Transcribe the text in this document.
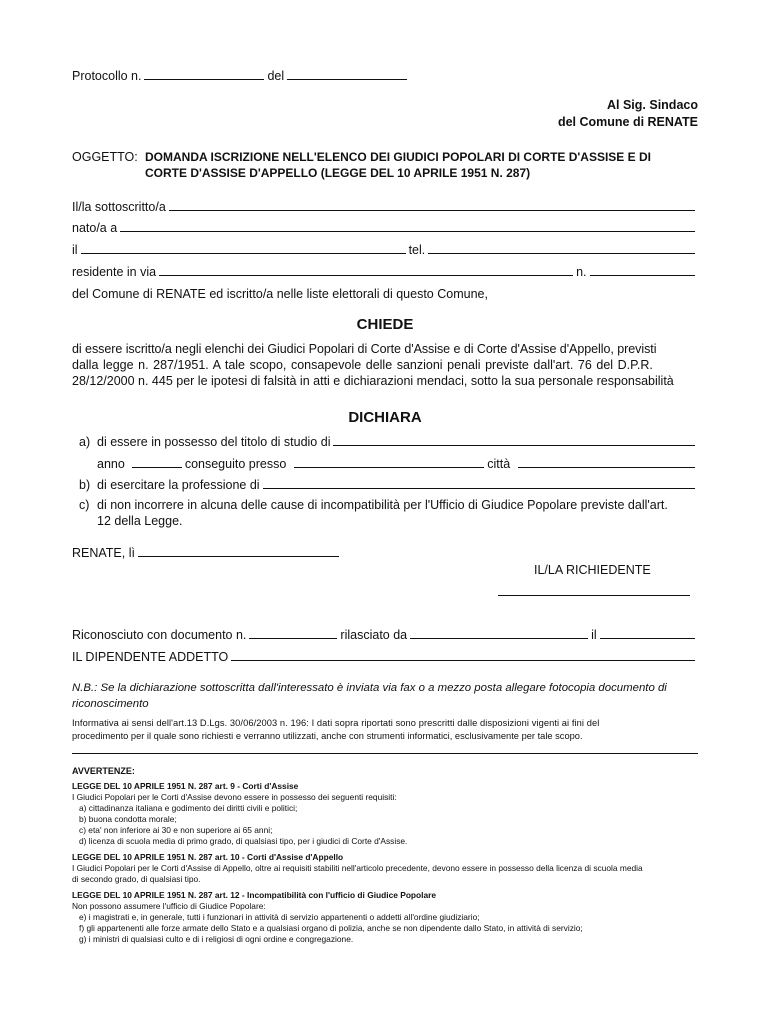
Protocollo n.	del
Al Sig. Sindaco
del Comune di RENATE
OGGETTO: DOMANDA ISCRIZIONE NELL'ELENCO DEI GIUDICI POPOLARI DI CORTE D'ASSISE E DI
CORTE D'ASSISE D'APPELLO (LEGGE DEL 10 APRILE 1951 N. 287)
Il/la sottoscritto/a
nato/a a
il	tel.
residente in via	n.
del Comune di RENATE ed iscritto/a nelle liste elettorali di questo Comune,
CHIEDE
di essere iscritto/a negli elenchi dei Giudici Popolari di Corte d'Assise e di Corte d'Assise d'Appello, previsti
dalla legge n. 287/1951. A tale scopo, consapevole delle sanzioni penali previste dall'art. 76 del D.P.R.
28/12/2000 n. 445 per le ipotesi di falsità in atti e dichiarazioni mendaci, sotto la sua personale responsabilità
DICHIARA
a) di essere in possesso del titolo di studio di
anno	conseguito presso	città
b) di esercitare la professione di
c) di non incorrere in alcuna delle cause di incompatibilità per l'Ufficio di Giudice Popolare previste dall'art.
12 della Legge.
RENATE, lì
IL/LA RICHIEDENTE
Riconosciuto con documento n.	rilasciato da	il
IL DIPENDENTE ADDETTO
N.B.: Se la dichiarazione sottoscritta dall'interessato è inviata via fax o a mezzo posta allegare fotocopia documento di
riconoscimento
Informativa ai sensi dell'art.13 D.Lgs. 30/06/2003 n. 196: I dati sopra riportati sono prescritti dalle disposizioni vigenti ai fini del
procedimento per il quale sono richiesti e verranno utilizzati, anche con strumenti informatici, esclusivamente per tale scopo.
AVVERTENZE:
LEGGE DEL 10 APRILE 1951 N. 287 art. 9 - Corti d'Assise
I Giudici Popolari per le Corti d'Assise devono essere in possesso dei seguenti requisiti:
a) cittadinanza italiana e godimento dei diritti civili e politici;
b) buona condotta morale;
c) eta' non inferiore ai 30 e non superiore ai 65 anni;
d) licenza di scuola media di primo grado, di qualsiasi tipo, per i giudici di Corte d'Assise.
LEGGE DEL 10 APRILE 1951 N. 287 art. 10 - Corti d'Assise d'Appello
I Giudici Popolari per le Corti d'Assise di Appello, oltre ai requisiti stabiliti nell'articolo precedente, devono essere in possesso della licenza di scuola media
di secondo grado, di qualsiasi tipo.
LEGGE DEL 10 APRILE 1951 N. 287 art. 12 - Incompatibilità con l'ufficio di Giudice Popolare
Non possono assumere l'ufficio di Giudice Popolare:
e) i magistrati e, in generale, tutti i funzionari in attività di servizio appartenenti o addetti all'ordine giudiziario;
f) gli appartenenti alle forze armate dello Stato e a qualsiasi organo di polizia, anche se non dipendente dallo Stato, in attività di servizio;
g) i ministri di qualsiasi culto e di i religiosi di ogni ordine e congregazione.
